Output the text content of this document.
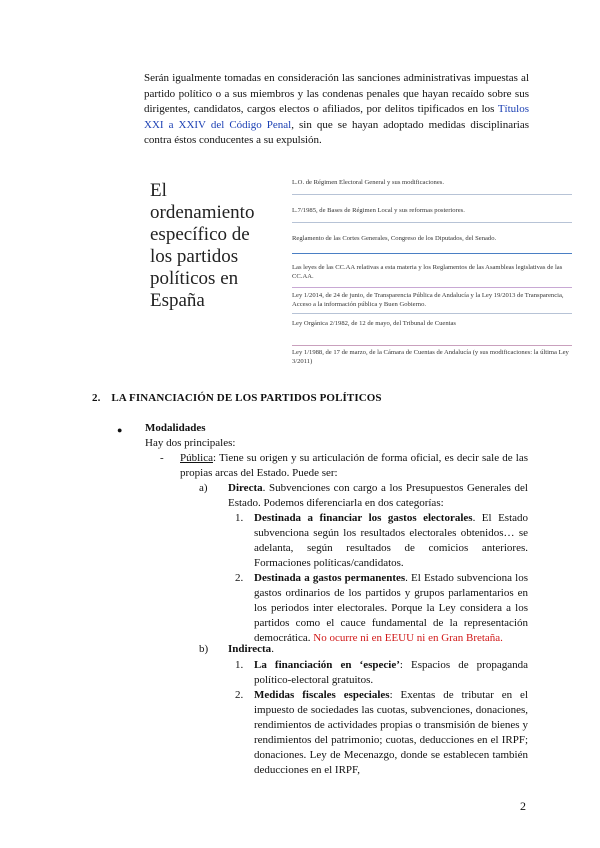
Serán igualmente tomadas en consideración las sanciones administrativas impuestas al partido político o a sus miembros y las condenas penales que hayan recaído sobre sus dirigentes, candidatos, cargos electos o afiliados, por delitos tipificados en los Títulos XXI a XXIV del Código Penal, sin que se hayan adoptado medidas disciplinarias contra éstos conducentes a su expulsión.
El ordenamiento específico de los partidos políticos en España
L.O. de Régimen Electoral General y sus modificaciones.
L.7/1985, de Bases de Régimen Local y sus reformas posteriores.
Reglamento de las Cortes Generales, Congreso de los Diputados, del Senado.
Las leyes de las CC.AA relativas a esta materia y los Reglamentos de las Asambleas legislativas de las CC.AA.
Ley 1/2014, de 24 de junio, de Transparencia Pública de Andalucía y la Ley 19/2013 de Transparencia, Acceso a la información pública y Buen Gobierno.
Ley Orgánica 2/1982, de 12 de mayo, del Tribunal de Cuentas
Ley 1/1988, de 17 de marzo, de la Cámara de Cuentas de Andalucía (y sus modificaciones: la última Ley 3/2011)
2. LA FINANCIACIÓN DE LOS PARTIDOS POLÍTICOS
● Modalidades
Hay dos principales:
- Pública: Tiene su origen y su articulación de forma oficial, es decir sale de las propias arcas del Estado. Puede ser:
a) Directa. Subvenciones con cargo a los Presupuestos Generales del Estado. Podemos diferenciarla en dos categorías:
1. Destinada a financiar los gastos electorales. El Estado subvenciona según los resultados electorales obtenidos… se adelanta, según resultados de comicios anteriores. Formaciones políticas/candidatos.
2. Destinada a gastos permanentes. El Estado subvenciona los gastos ordinarios de los partidos y grupos parlamentarios en los periodos inter electorales. Porque la Ley considera a los partidos como el cauce fundamental de la representación democrática. No ocurre ni en EEUU ni en Gran Bretaña.
b) Indirecta.
1. La financiación en ‘especie’: Espacios de propaganda político-electoral gratuitos.
2. Medidas fiscales especiales: Exentas de tributar en el impuesto de sociedades las cuotas, subvenciones, donaciones, rendimientos de actividades propias o transmisión de bienes y rendimientos del patrimonio; cuotas, deducciones en el IRPF; donaciones. Ley de Mecenazgo, donde se establecen también deducciones en el IRPF,
2
